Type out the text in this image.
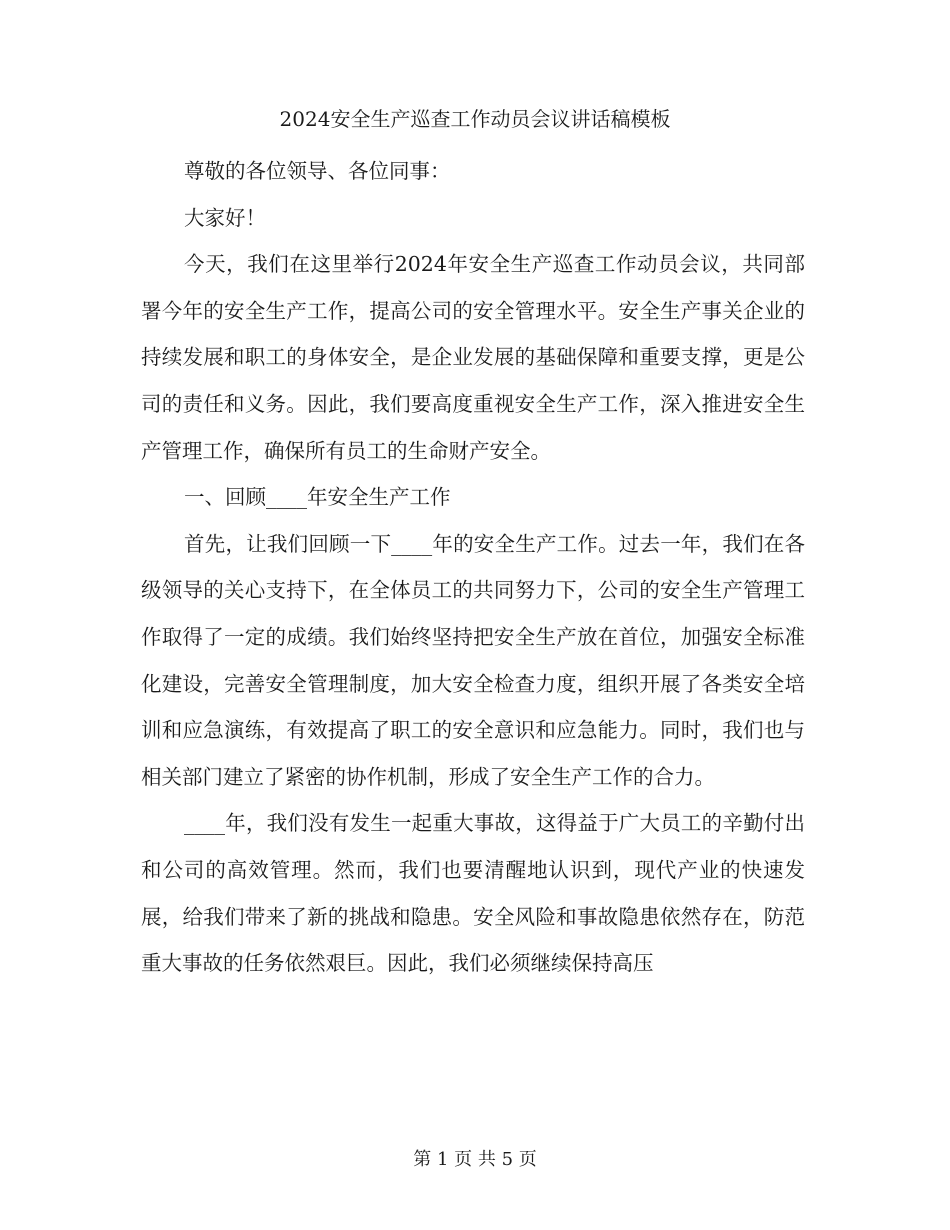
2024安全生产巡查工作动员会议讲话稿模板

尊敬的各位领导、各位同事：

大家好！

今天，我们在这里举行2024年安全生产巡查工作动员会议，共同部署今年的安全生产工作，提高公司的安全管理水平。安全生产事关企业的持续发展和职工的身体安全，是企业发展的基础保障和重要支撑，更是公司的责任和义务。因此，我们要高度重视安全生产工作，深入推进安全生产管理工作，确保所有员工的生命财产安全。

一、回顾____年安全生产工作

首先，让我们回顾一下____年的安全生产工作。过去一年，我们在各级领导的关心支持下，在全体员工的共同努力下，公司的安全生产管理工作取得了一定的成绩。我们始终坚持把安全生产放在首位，加强安全标准化建设，完善安全管理制度，加大安全检查力度，组织开展了各类安全培训和应急演练，有效提高了职工的安全意识和应急能力。同时，我们也与相关部门建立了紧密的协作机制，形成了安全生产工作的合力。

____年，我们没有发生一起重大事故，这得益于广大员工的辛勤付出和公司的高效管理。然而，我们也要清醒地认识到，现代产业的快速发展，给我们带来了新的挑战和隐患。安全风险和事故隐患依然存在，防范重大事故的任务依然艰巨。因此，我们必须继续保持高压

第 1 页 共 5 页
